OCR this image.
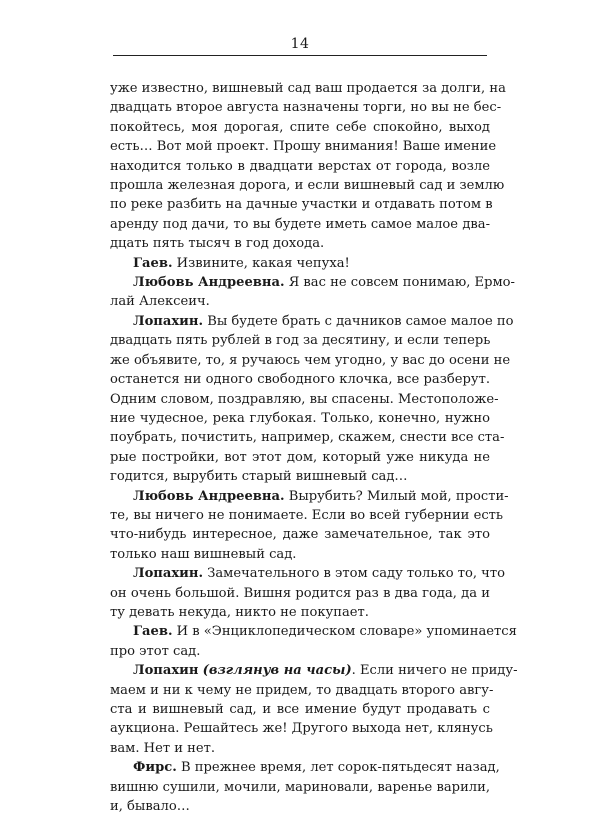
14

уже известно, вишневый сад ваш продается за долги, на
двадцать второе августа назначены торги, но вы не бес-
покойтесь, моя дорогая, спите себе спокойно, выход
есть… Вот мой проект. Прошу внимания! Ваше имение
находится только в двадцати верстах от города, возле
прошла железная дорога, и если вишневый сад и землю
по реке разбить на дачные участки и отдавать потом в
аренду под дачи, то вы будете иметь самое малое два-
дцать пять тысяч в год дохода.

Гаев. Извините, какая чепуха!

Любовь Андреевна. Я вас не совсем понимаю, Ермо-
лай Алексеич.

Лопахин. Вы будете брать с дачников самое малое по
двадцать пять рублей в год за десятину, и если теперь
же объявите, то, я ручаюсь чем угодно, у вас до осени не
останется ни одного свободного клочка, все разберут.
Одним словом, поздравляю, вы спасены. Местоположе-
ние чудесное, река глубокая. Только, конечно, нужно
поубрать, почистить, например, скажем, снести все ста-
рые постройки, вот этот дом, который уже никуда не
годится, вырубить старый вишневый сад…

Любовь Андреевна. Вырубить? Милый мой, прости-
те, вы ничего не понимаете. Если во всей губернии есть
что-нибудь интересное, даже замечательное, так это
только наш вишневый сад.

Лопахин. Замечательного в этом саду только то, что
он очень большой. Вишня родится раз в два года, да и
ту девать некуда, никто не покупает.

Гаев. И в «Энциклопедическом словаре» упоминается
про этот сад.

Лопахин (взглянув на часы). Если ничего не приду-
маем и ни к чему не придем, то двадцать второго авгу-
ста и вишневый сад, и все имение будут продавать с
аукциона. Решайтесь же! Другого выхода нет, клянусь
вам. Нет и нет.

Фирс. В прежнее время, лет сорок-пятьдесят назад,
вишню сушили, мочили, мариновали, варенье варили,
и, бывало…
